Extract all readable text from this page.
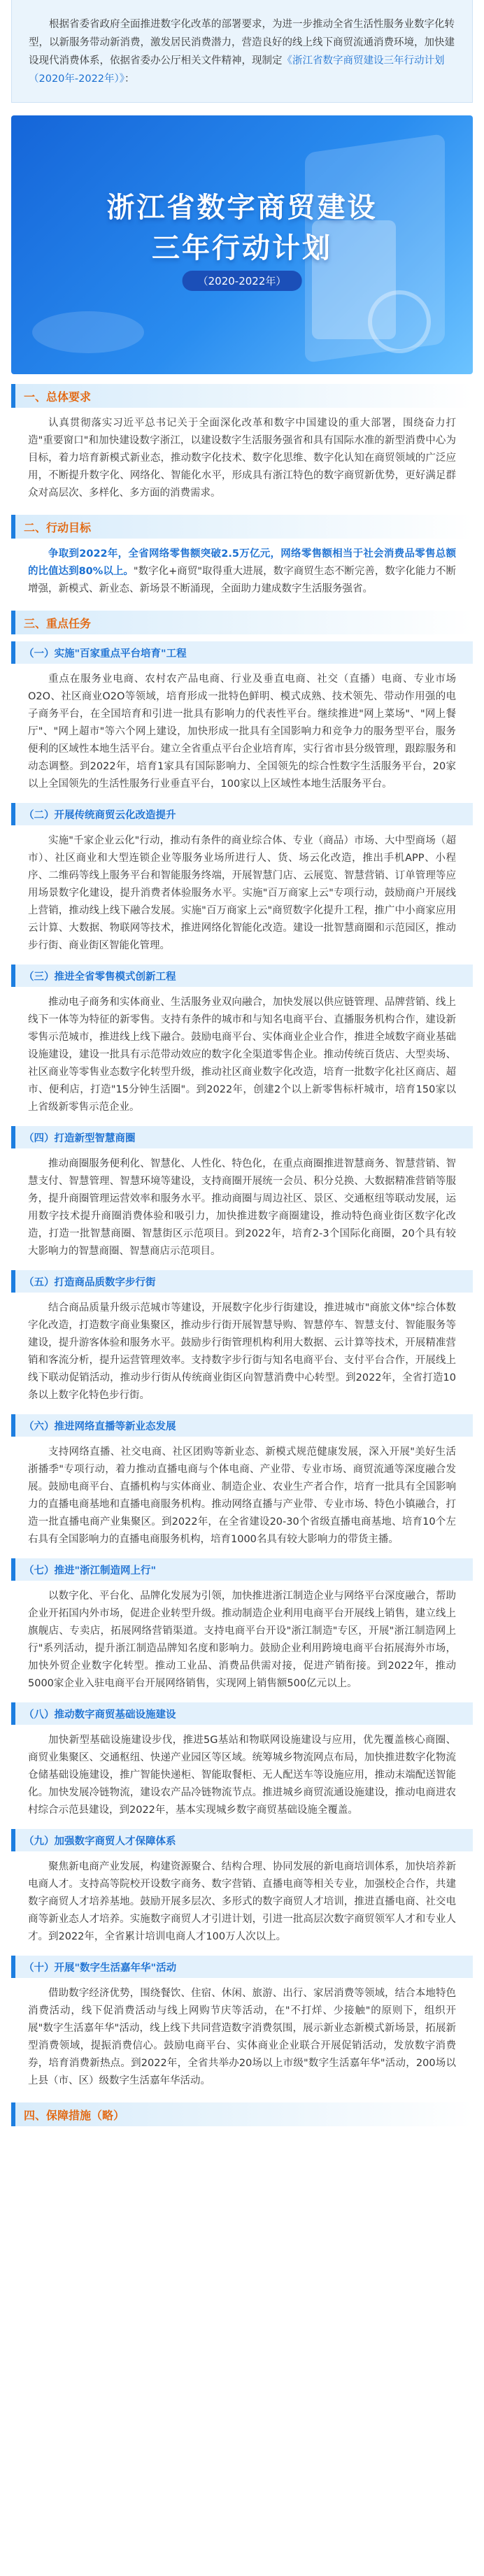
根据省委省政府全面推进数字化改革的部署要求，为进一步推动全省生活性服务业数字化转型，以新服务带动新消费，激发居民消费潜力，营造良好的线上线下商贸流通消费环境，加快建设现代消费体系，依据省委办公厅相关文件精神，现制定《浙江省数字商贸建设三年行动计划（2020年-2022年）》：
浙江省数字商贸建设
三年行动计划
（2020-2022年）
一、总体要求
认真贯彻落实习近平总书记关于全面深化改革和数字中国建设的重大部署，围绕奋力打造"重要窗口"和加快建设数字浙江，以建设数字生活服务强省和具有国际水准的新型消费中心为目标，着力培育新模式新业态，推动数字化技术、数字化思维、数字化认知在商贸领域的广泛应用，不断提升数字化、网络化、智能化水平，形成具有浙江特色的数字商贸新优势，更好满足群众对高层次、多样化、多方面的消费需求。
二、行动目标
争取到2022年，全省网络零售额突破2.5万亿元，网络零售额相当于社会消费品零售总额的比值达到80%以上。"数字化+商贸"取得重大进展，数字商贸生态不断完善，数字化能力不断增强，新模式、新业态、新场景不断涌现，全面助力建成数字生活服务强省。
三、重点任务
（一）实施"百家重点平台培育"工程
重点在服务业电商、农村农产品电商、行业及垂直电商、社交（直播）电商、专业市场O2O、社区商业O2O等领域，培育形成一批特色鲜明、模式成熟、技术领先、带动作用强的电子商务平台，在全国培育和引进一批具有影响力的代表性平台。继续推进"网上菜场"、"网上餐厅"、"网上超市"等六个网上建设，加快形成一批具有全国影响力和竞争力的服务型平台，服务便利的区域性本地生活平台。建立全省重点平台企业培育库，实行省市县分级管理，跟踪服务和动态调整。到2022年，培育1家具有国际影响力、全国领先的综合性数字生活服务平台，20家以上全国领先的生活性服务行业垂直平台，100家以上区域性本地生活服务平台。
（二）开展传统商贸云化改造提升
实施"千家企业云化"行动，推动有条件的商业综合体、专业（商品）市场、大中型商场（超市）、社区商业和大型连锁企业等服务业场所进行人、货、场云化改造，推出手机APP、小程序、二维码等线上服务平台和智能服务终端，开展智慧门店、云展览、智慧营销、订单管理等应用场景数字化建设，提升消费者体验服务水平。实施"百万商家上云"专项行动，鼓励商户开展线上营销，推动线上线下融合发展。实施"百万商家上云"商贸数字化提升工程，推广中小商家应用云计算、大数据、物联网等技术，推进网络化智能化改造。建设一批智慧商圈和示范园区，推动步行街、商业街区智能化管理。
（三）推进全省零售模式创新工程
推动电子商务和实体商业、生活服务业双向融合，加快发展以供应链管理、品牌营销、线上线下一体等为特征的新零售。支持有条件的城市和与知名电商平台、直播服务机构合作，建设新零售示范城市，推进线上线下融合。鼓励电商平台、实体商业企业合作，推进全域数字商业基础设施建设，建设一批具有示范带动效应的数字化全渠道零售企业。推动传统百货店、大型卖场、社区商业等零售业态数字化转型升级，推动社区商业数字化改造，培育一批数字化社区商店、超市、便利店，打造"15分钟生活圈"。到2022年，创建2个以上新零售标杆城市，培育150家以上省级新零售示范企业。
（四）打造新型智慧商圈
推动商圈服务便利化、智慧化、人性化、特色化，在重点商圈推进智慧商务、智慧营销、智慧支付、智慧管理、智慧环境等建设，支持商圈开展统一会员、积分兑换、大数据精准营销等服务，提升商圈管理运营效率和服务水平。推动商圈与周边社区、景区、交通枢纽等联动发展，运用数字技术提升商圈消费体验和吸引力，加快推进数字商圈建设，推动特色商业街区数字化改造，打造一批智慧商圈、智慧街区示范项目。到2022年，培育2-3个国际化商圈，20个具有较大影响力的智慧商圈、智慧商店示范项目。
（五）打造商品质数字步行街
结合商品质量升级示范城市等建设，开展数字化步行街建设，推进城市"商旅文体"综合体数字化改造，打造数字商业集聚区，推动步行街开展智慧导购、智慧停车、智慧支付、智能服务等建设，提升游客体验和服务水平。鼓励步行街管理机构利用大数据、云计算等技术，开展精准营销和客流分析，提升运营管理效率。支持数字步行街与知名电商平台、支付平台合作，开展线上线下联动促销活动，推动步行街从传统商业街区向智慧消费中心转型。到2022年，全省打造10条以上数字化特色步行街。
（六）推进网络直播等新业态发展
支持网络直播、社交电商、社区团购等新业态、新模式规范健康发展，深入开展"美好生活 浙播季"专项行动，着力推动直播电商与个体电商、产业带、专业市场、商贸流通等深度融合发展。鼓励电商平台、直播机构与实体商业、制造企业、农业生产者合作，培育一批具有全国影响力的直播电商基地和直播电商服务机构。推动网络直播与产业带、专业市场、特色小镇融合，打造一批直播电商产业集聚区。到2022年，在全省建设20-30个省级直播电商基地、培育10个左右具有全国影响力的直播电商服务机构，培育1000名具有较大影响力的带货主播。
（七）推进"浙江制造网上行"
以数字化、平台化、品牌化发展为引领，加快推进浙江制造企业与网络平台深度融合，帮助企业开拓国内外市场，促进企业转型升级。推动制造企业利用电商平台开展线上销售，建立线上旗舰店、专卖店，拓展网络营销渠道。支持电商平台开设"浙江制造"专区，开展"浙江制造网上行"系列活动，提升浙江制造品牌知名度和影响力。鼓励企业利用跨境电商平台拓展海外市场，加快外贸企业数字化转型。推动工业品、消费品供需对接，促进产销衔接。到2022年，推动5000家企业入驻电商平台开展网络销售，实现网上销售额500亿元以上。
（八）推动数字商贸基础设施建设
加快新型基础设施建设步伐，推进5G基站和物联网设施建设与应用，优先覆盖核心商圈、商贸业集聚区、交通枢纽、快递产业园区等区域。统筹城乡物流网点布局，加快推进数字化物流仓储基础设施建设，推广智能快递柜、智能取餐柜、无人配送车等设施应用，推动末端配送智能化。加快发展冷链物流，建设农产品冷链物流节点。推进城乡商贸流通设施建设，推动电商进农村综合示范县建设，到2022年，基本实现城乡数字商贸基础设施全覆盖。
（九）加强数字商贸人才保障体系
聚焦新电商产业发展，构建资源聚合、结构合理、协同发展的新电商培训体系，加快培养新电商人才。支持高等院校开设数字商务、数字营销、直播电商等相关专业，加强校企合作，共建数字商贸人才培养基地。鼓励开展多层次、多形式的数字商贸人才培训，推进直播电商、社交电商等新业态人才培养。实施数字商贸人才引进计划，引进一批高层次数字商贸领军人才和专业人才。到2022年，全省累计培训电商人才100万人次以上。
（十）开展"数字生活嘉年华"活动
借助数字经济优势，围绕餐饮、住宿、休闲、旅游、出行、家居消费等领域，结合本地特色消费活动，线下促消费活动与线上网购节庆等活动，在"不打烊、少接触"的原则下，组织开展"数字生活嘉年华"活动，线上线下共同营造数字消费氛围，展示新业态新模式新场景，拓展新型消费领域，提振消费信心。鼓励电商平台、实体商业企业联合开展促销活动，发放数字消费券，培育消费新热点。到2022年，全省共举办20场以上市级"数字生活嘉年华"活动，200场以上县（市、区）级数字生活嘉年华活动。
四、保障措施（略）
